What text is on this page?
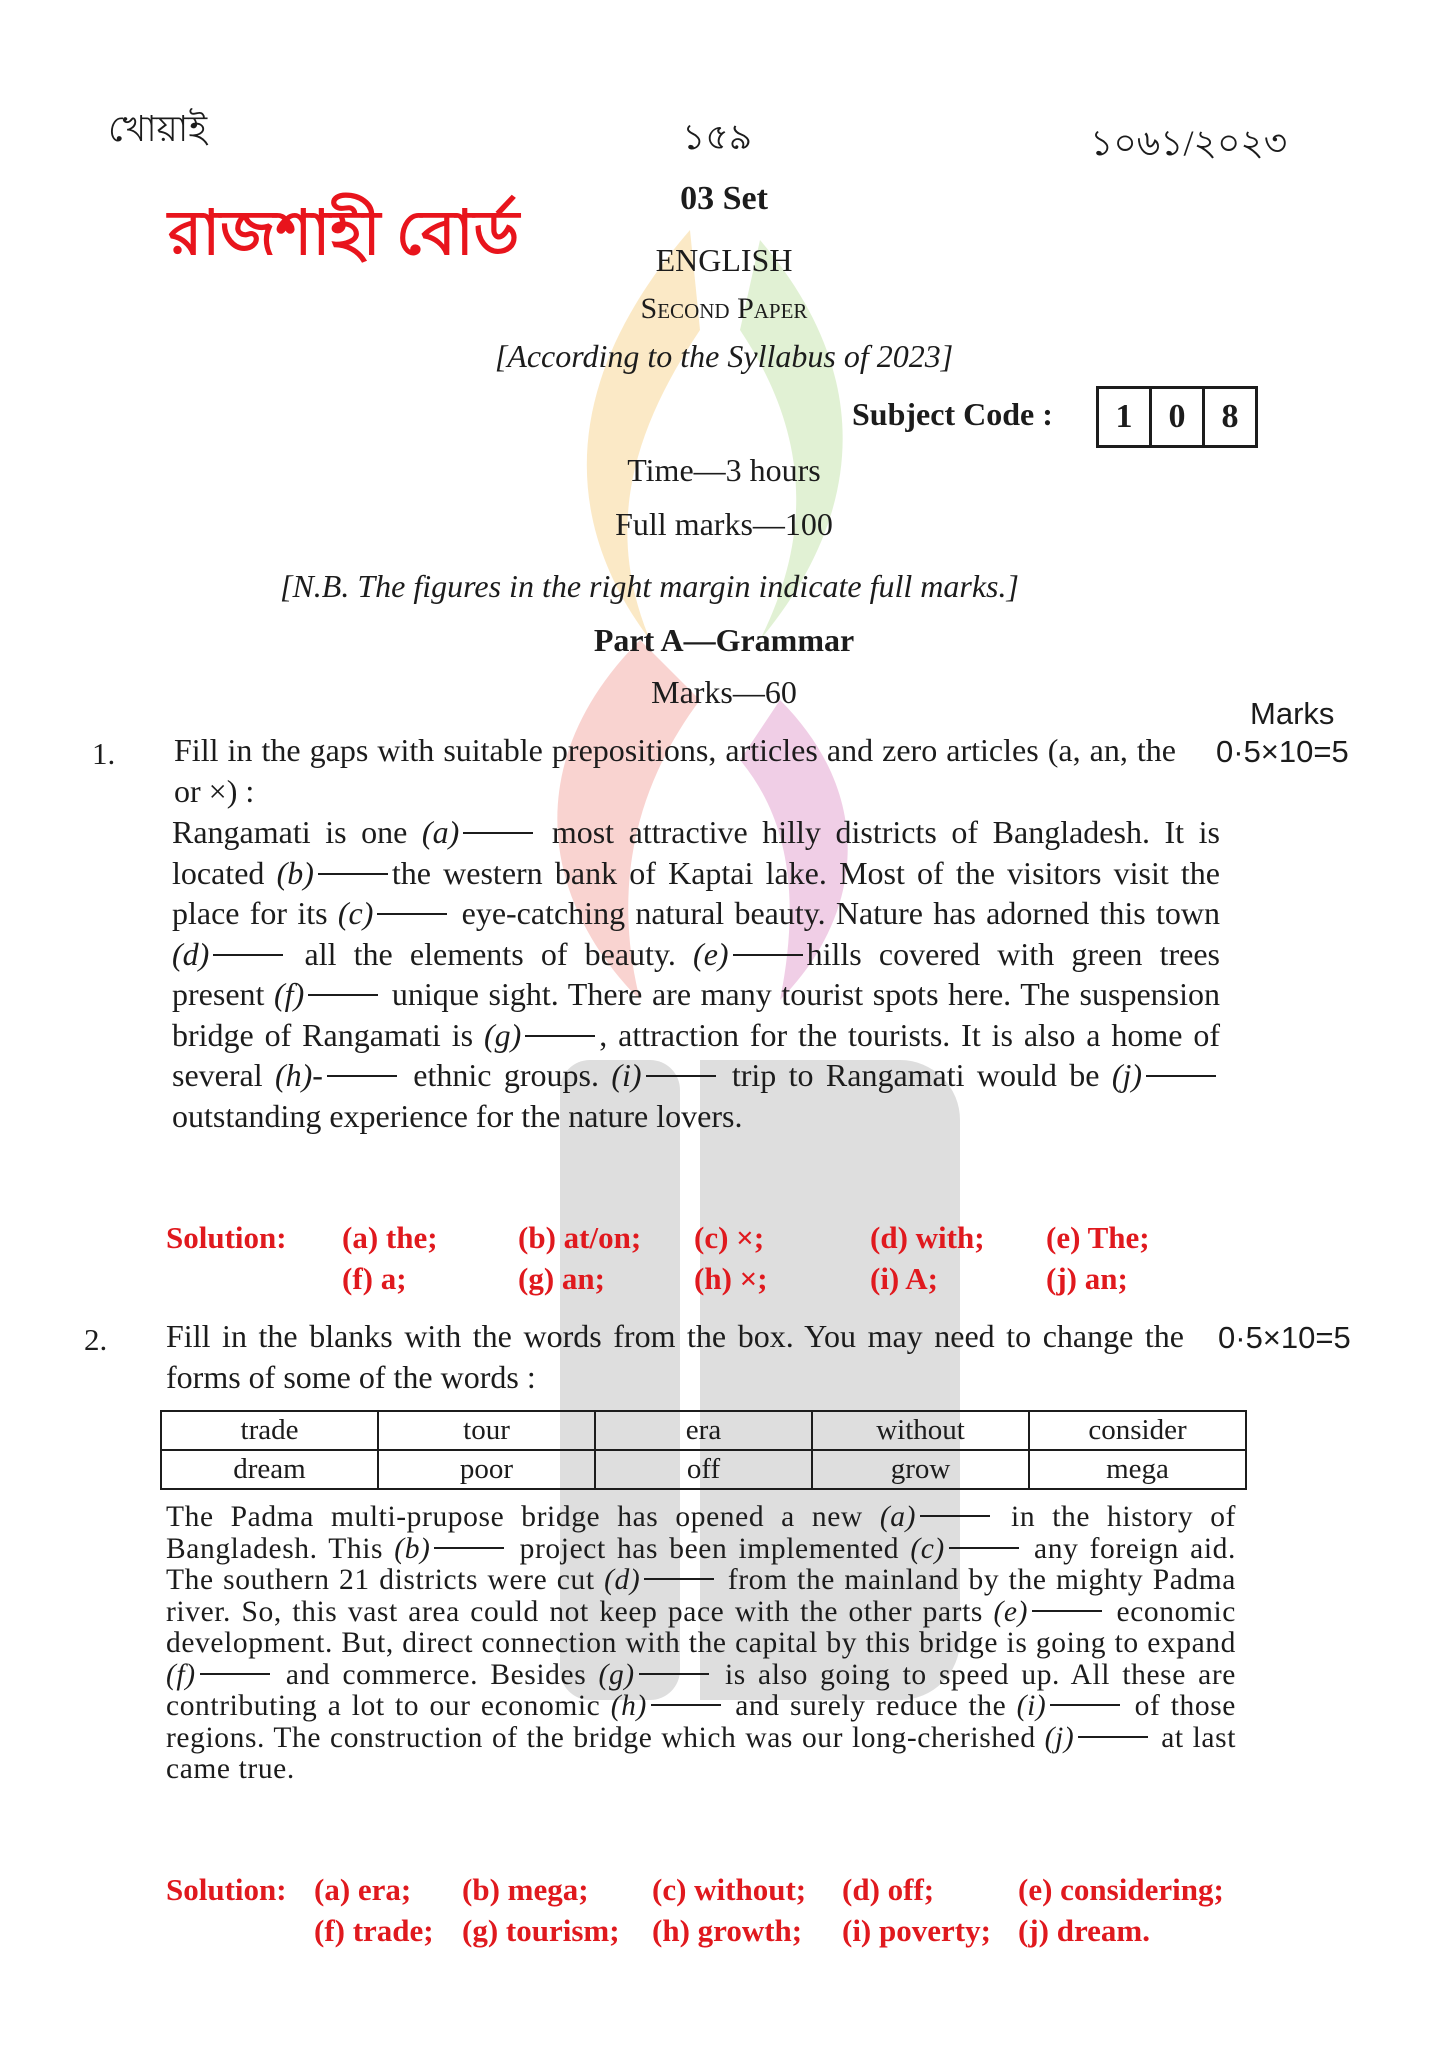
খোয়াই	১৫৯	১০৬১/২০২৩
রাজশাহী বোর্ড
03 Set
ENGLISH
Second Paper
[According to the Syllabus of 2023]
Subject Code :	1	0	8
Time—3 hours
Full marks—100
[N.B. The figures in the right margin indicate full marks.]
Part A—Grammar
Marks—60
Marks
1. Fill in the gaps with suitable prepositions, articles and zero articles (a, an, the or ×) :
0·5×10=5
Rangamati is one (a) most attractive hilly districts of Bangladesh. It is located (b) the western bank of Kaptai lake. Most of the visitors visit the place for its (c) eye-catching natural beauty. Nature has adorned this town (d) all the elements of beauty. (e) hills covered with green trees present (f) unique sight. There are many tourist spots here. The suspension bridge of Rangamati is (g) , attraction for the tourists. It is also a home of several (h)- ethnic groups. (i) trip to Rangamati would be (j) outstanding experience for the nature lovers.
Solution: (a) the;	(b) at/on;	(c) ×;	(d) with;	(e) The;
(f) a;	(g) an;	(h) ×;	(i) A;	(j) an;
2. Fill in the blanks with the words from the box. You may need to change the forms of some of the words :
0·5×10=5
trade	tour	era	without	consider
dream	poor	off	grow	mega
The Padma multi-prupose bridge has opened a new (a)	in the history of Bangladesh. This (b)	project has been implemented (c)	any foreign aid. The southern 21 districts were cut (d)	from the mainland by the mighty Padma river. So, this vast area could not keep pace with the other parts (e)	economic development. But, direct connection with the capital by this bridge is going to expand (f)	and commerce. Besides (g)	is also going to speed up. All these are contributing a lot to our economic (h)	and surely reduce the (i)	of those regions. The construction of the bridge which was our long-cherished (j)	at last came true.
Solution: (a) era;	(b) mega;	(c) without;	(d) off;	(e) considering;
(f) trade; (g) tourism;	(h) growth;	(i) poverty; (j) dream.
